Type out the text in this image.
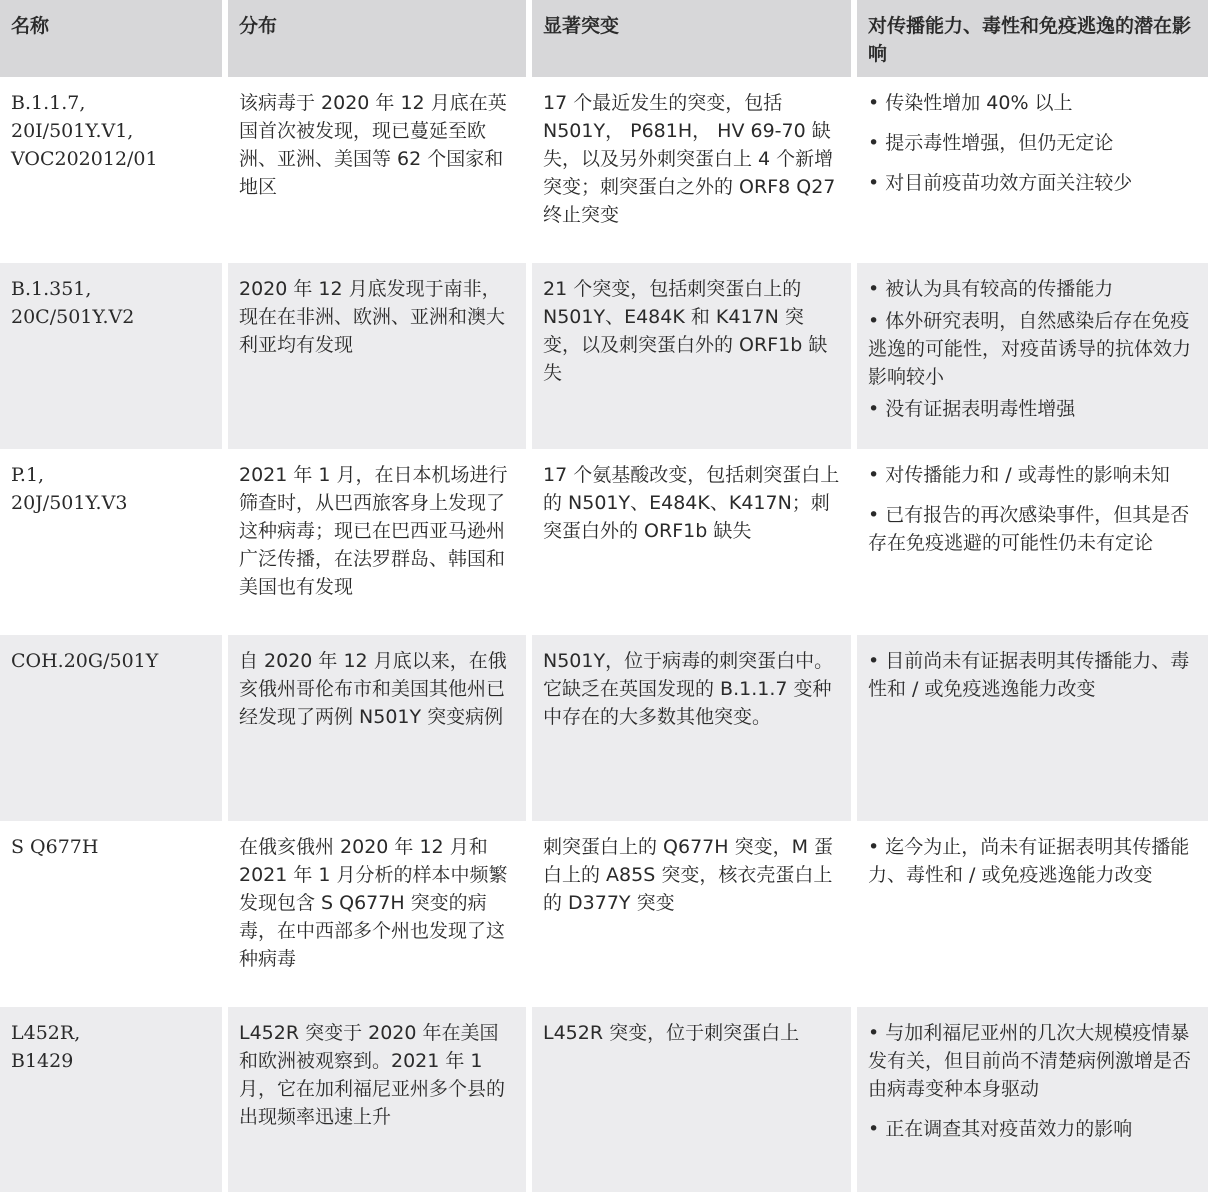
名称	分布	显著突变	对传播能力、毒性和免疫逃逸的潜在影响
B.1.1.7,
20I/501Y.V1,
VOC202012/01
该病毒于 2020 年 12 月底在英国首次被发现，现已蔓延至欧洲、亚洲、美国等 62 个国家和地区
17 个最近发生的突变，包括 N501Y， P681H， HV 69-70 缺失，以及另外刺突蛋白上 4 个新增突变；刺突蛋白之外的 ORF8 Q27 终止突变
• 传染性增加 40% 以上
• 提示毒性增强，但仍无定论
• 对目前疫苗功效方面关注较少
B.1.351,
20C/501Y.V2
2020 年 12 月底发现于南非，现在在非洲、欧洲、亚洲和澳大利亚均有发现
21 个突变，包括刺突蛋白上的 N501Y、E484K 和 K417N 突变，以及刺突蛋白外的 ORF1b 缺失
• 被认为具有较高的传播能力
• 体外研究表明，自然感染后存在免疫逃逸的可能性，对疫苗诱导的抗体效力影响较小
• 没有证据表明毒性增强
P.1,
20J/501Y.V3
2021 年 1 月，在日本机场进行筛查时，从巴西旅客身上发现了这种病毒；现已在巴西亚马逊州广泛传播，在法罗群岛、韩国和美国也有发现
17 个氨基酸改变，包括刺突蛋白上的 N501Y、E484K、K417N；刺突蛋白外的 ORF1b 缺失
• 对传播能力和 / 或毒性的影响未知
• 已有报告的再次感染事件，但其是否存在免疫逃避的可能性仍未有定论
COH.20G/501Y	自 2020 年 12 月底以来，在俄亥俄州哥伦布市和美国其他州已经发现了两例 N501Y 突变病例
N501Y，位于病毒的刺突蛋白中。它缺乏在英国发现的 B.1.1.7 变种中存在的大多数其他突变。
• 目前尚未有证据表明其传播能力、毒性和 / 或免疫逃逸能力改变
S Q677H	在俄亥俄州 2020 年 12 月和 2021 年 1 月分析的样本中频繁发现包含 S Q677H 突变的病毒，在中西部多个州也发现了这种病毒
刺突蛋白上的 Q677H 突变，M 蛋白上的 A85S 突变，核衣壳蛋白上的 D377Y 突变
• 迄今为止，尚未有证据表明其传播能力、毒性和 / 或免疫逃逸能力改变
L452R,
B1429
L452R 突变于 2020 年在美国和欧洲被观察到。2021 年 1 月，它在加利福尼亚州多个县的出现频率迅速上升
L452R 突变，位于刺突蛋白上
•	与加利福尼亚州的几次大规模疫情暴发有关，但目前尚不清楚病例激增是否由病毒变种本身驱动
• 正在调查其对疫苗效力的影响
